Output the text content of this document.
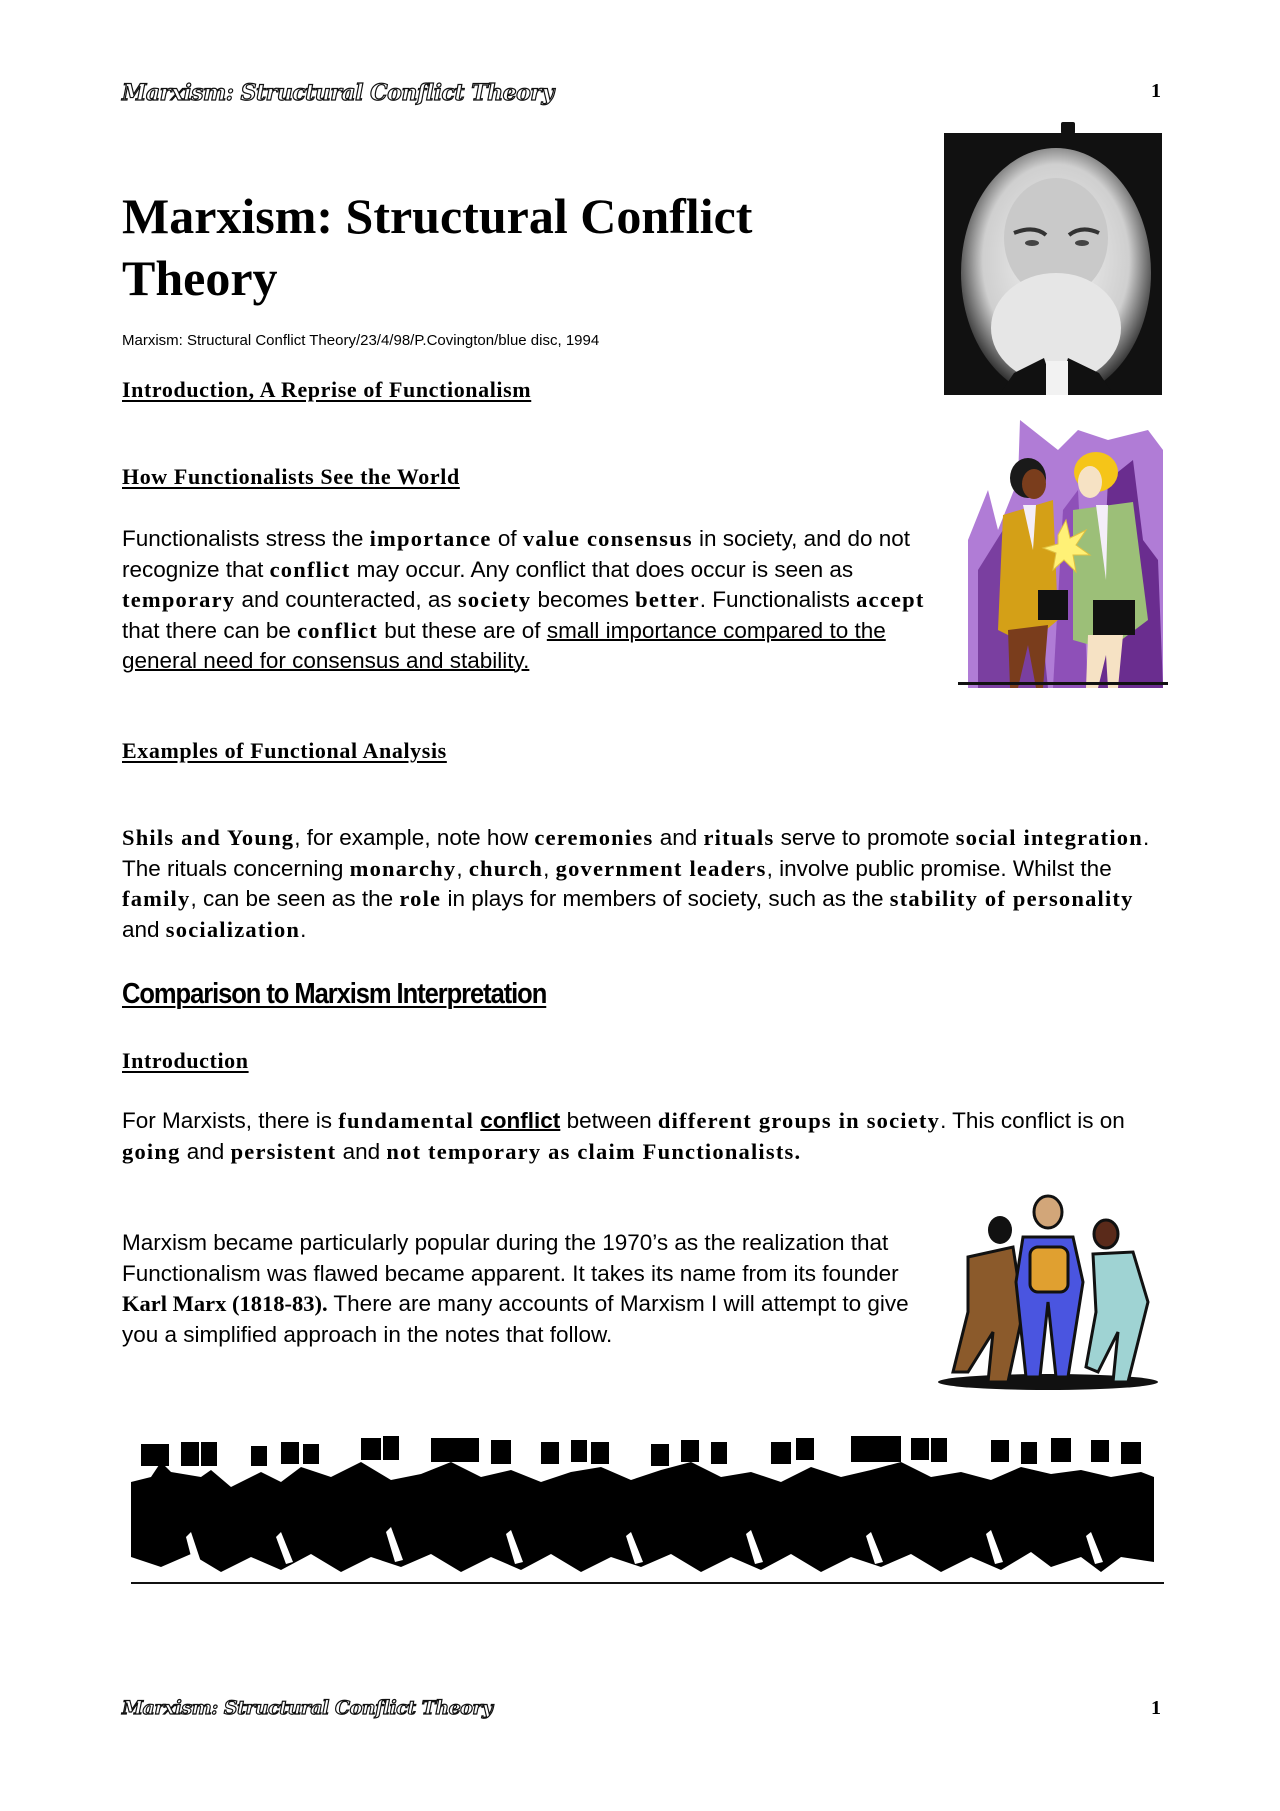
Marxism: Structural Conflict Theory	1
Marxism: Structural Conflict
Theory
Marxism: Structural Conflict Theory/23/4/98/P.Covington/blue disc, 1994
Introduction, A Reprise of Functionalism
How Functionalists See the World
Functionalists stress the importance of value consensus in society, and do not recognize that conflict may occur. Any conflict that does occur is seen as temporary and counteracted, as society becomes better. Functionalists accept that there can be conflict but these are of small importance compared to the general need for consensus and stability.
Examples of Functional Analysis
Shils and Young, for example, note how ceremonies and rituals serve to promote social integration. The rituals concerning monarchy, church, government leaders, involve public promise. Whilst the family, can be seen as the role in plays for members of society, such as the stability of personality and socialization.
Comparison to Marxism Interpretation
Introduction
For Marxists, there is fundamental conflict between different groups in society. This conflict is on going and persistent and not temporary as claim Functionalists.
Marxism became particularly popular during the 1970’s as the realization that Functionalism was flawed became apparent. It takes its name from its founder Karl Marx (1818-83). There are many accounts of Marxism I will attempt to give you a simplified approach in the notes that follow.
Marxism: Structural Conflict Theory	1
